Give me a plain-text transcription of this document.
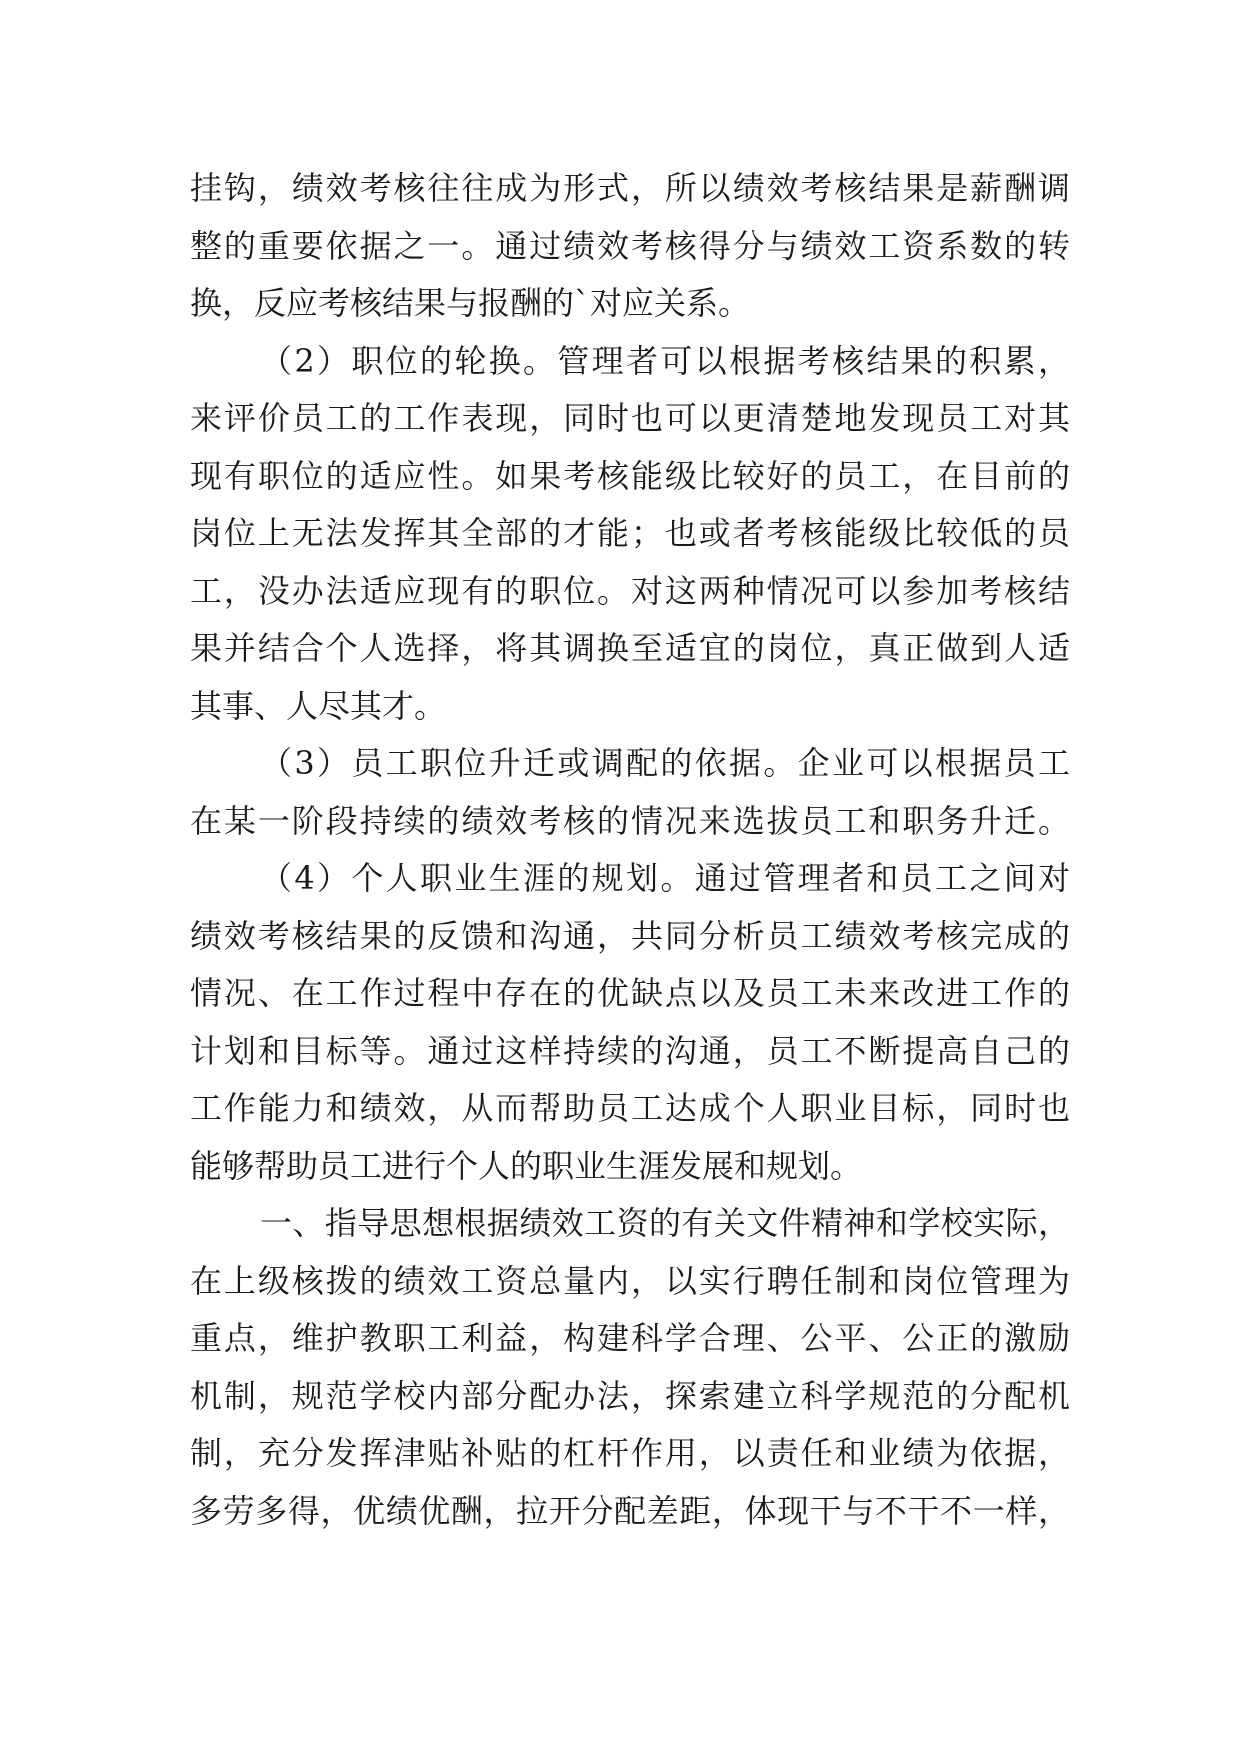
挂钩，绩效考核往往成为形式，所以绩效考核结果是薪酬调
整的重要依据之一。通过绩效考核得分与绩效工资系数的转
换，反应考核结果与报酬的`对应关系。
（2）职位的轮换。管理者可以根据考核结果的积累，
来评价员工的工作表现，同时也可以更清楚地发现员工对其
现有职位的适应性。如果考核能级比较好的员工，在目前的
岗位上无法发挥其全部的才能；也或者考核能级比较低的员
工，没办法适应现有的职位。对这两种情况可以参加考核结
果并结合个人选择，将其调换至适宜的岗位，真正做到人适
其事、人尽其才。
（3）员工职位升迁或调配的依据。企业可以根据员工
在某一阶段持续的绩效考核的情况来选拔员工和职务升迁。
（4）个人职业生涯的规划。通过管理者和员工之间对
绩效考核结果的反馈和沟通，共同分析员工绩效考核完成的
情况、在工作过程中存在的优缺点以及员工未来改进工作的
计划和目标等。通过这样持续的沟通，员工不断提高自己的
工作能力和绩效，从而帮助员工达成个人职业目标，同时也
能够帮助员工进行个人的职业生涯发展和规划。
一、指导思想根据绩效工资的有关文件精神和学校实际，
在上级核拨的绩效工资总量内，以实行聘任制和岗位管理为
重点，维护教职工利益，构建科学合理、公平、公正的激励
机制，规范学校内部分配办法，探索建立科学规范的分配机
制，充分发挥津贴补贴的杠杆作用，以责任和业绩为依据，
多劳多得，优绩优酬，拉开分配差距，体现干与不干不一样，
